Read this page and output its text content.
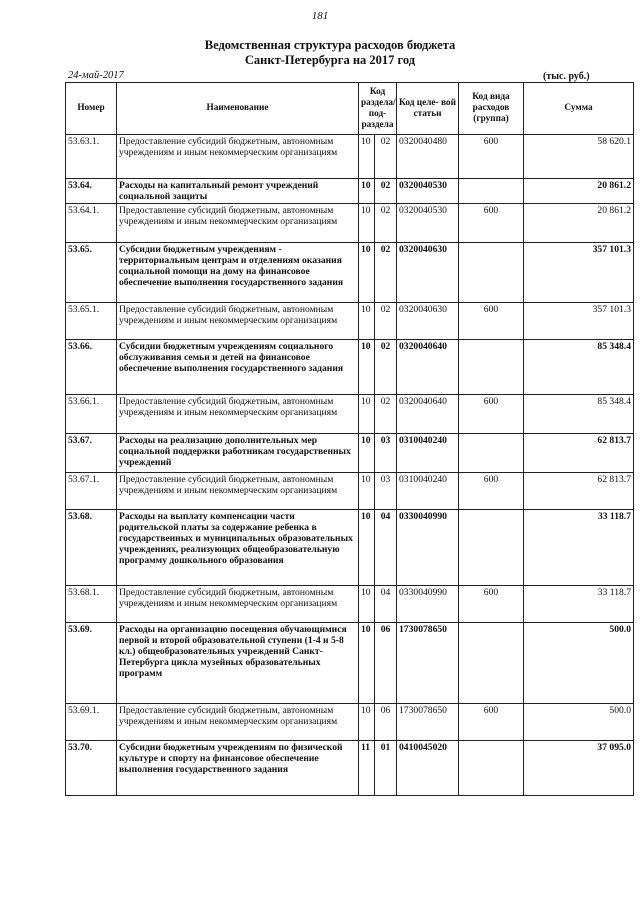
181
Ведомственная структура расходов бюджета
Санкт-Петербурга на 2017 год
24-май-2017	(тыс. руб.)
Номер	Наименование	Код раздела/ под- раздела		Код целе- вой статьи	Код вида расходов (группа)	Сумма
53.63.1.	Предоставление субсидий бюджетным, автономным учреждениям и иным некоммерческим организациям	10	02	0320040480	600	58 620.1
53.64.	Расходы на капитальный ремонт учреждений социальной защиты	10	02	0320040530		20 861.2
53.64.1.	Предоставление субсидий бюджетным, автономным учреждениям и иным некоммерческим организациям	10	02	0320040530	600	20 861.2
53.65.	Субсидии бюджетным учреждениям - территориальным центрам и отделениям оказания социальной помощи на дому на финансовое обеспечение выполнения государственного задания	10	02	0320040630		357 101.3
53.65.1.	Предоставление субсидий бюджетным, автономным учреждениям и иным некоммерческим организациям	10	02	0320040630	600	357 101.3
53.66.	Субсидии бюджетным учреждениям социального обслуживания семьи и детей на финансовое обеспечение выполнения государственного задания	10	02	0320040640		85 348.4
53.66.1.	Предоставление субсидий бюджетным, автономным учреждениям и иным некоммерческим организациям	10	02	0320040640	600	85 348.4
53.67.	Расходы на реализацию дополнительных мер социальной поддержки работникам государственных учреждений	10	03	0310040240		62 813.7
53.67.1.	Предоставление субсидий бюджетным, автономным учреждениям и иным некоммерческим организациям	10	03	0310040240	600	62 813.7
53.68.	Расходы на выплату компенсации части родительской платы за содержание ребенка в государственных и муниципальных образовательных учреждениях, реализующих общеобразовательную программу дошкольного образования	10	04	0330040990		33 118.7
53.68.1.	Предоставление субсидий бюджетным, автономным учреждениям и иным некоммерческим организациям	10	04	0330040990	600	33 118.7
53.69.	Расходы на организацию посещения обучающимися первой и второй образовательной ступени (1-4 и 5-8 кл.) общеобразовательных учреждений Санкт-Петербурга цикла музейных образовательных программ	10	06	1730078650		500.0
53.69.1.	Предоставление субсидий бюджетным, автономным учреждениям и иным некоммерческим организациям	10	06	1730078650	600	500.0
53.70.	Субсидии бюджетным учреждениям по физической культуре и спорту на финансовое обеспечение выполнения государственного задания	11	01	0410045020		37 095.0
